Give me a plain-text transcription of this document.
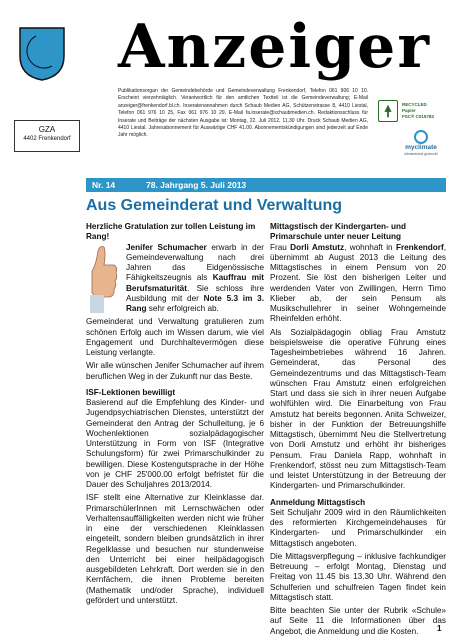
GZA
4402 Frenkendorf
Anzeiger
Publikationsorgan der Gemeindebehörde und Gemeindeverwaltung Frenkendorf, Telefon 061 906 10 10. Erscheint vierzehntäglich. Verantwortlich für den amtlichen Textteil ist die Gemeindeverwaltung; E-Mail anzeiger@frenkendorf.bl.ch. Inseratenannahmen durch Schaub Medien AG, Schützenstrasse 8, 4410 Liestal, Telefon 061 976 10 25, Fax 061 976 10 29, E-Mail fa.inserate@schaubmedien.ch. Redaktionsschluss für Inserate und Beiträge der nächsten Ausgabe ist: Montag, 22. Juli 2012, 11.30 Uhr. Druck Schaub Medien AG, 4410 Liestal. Jahresabonnement für Auswärtige CHF 41.00. Abonnementskündigungen sind jederzeit auf Ende Jahr möglich.
RECYCLED
Papier
FSC® C015783
myclimate
klimaneutral gedruckt
Nr. 14	78. Jahrgang 5. Juli 2013
Aus Gemeinderat und Verwaltung
Herzliche Gratulation zur tollen Leistung im Rang!

Jenifer Schumacher erwarb in der Gemeindeverwaltung nach drei Jahren das Eidgenössische Fähigkeitszeugnis als Kauffrau mit Berufsmaturität. Sie schloss ihre Ausbildung mit der Note 5.3 im 3. Rang sehr erfolgreich ab.

Gemeinderat und Verwaltung gratulieren zum schönen Erfolg auch im Wissen darum, wie viel Engagement und Durchhaltevermögen diese Leistung verlangte.

Wir alle wünschen Jenifer Schumacher auf ihrem beruflichen Weg in der Zukunft nur das Beste.

ISF-Lektionen bewilligt

Basierend auf die Empfehlung des Kinder- und Jugendpsychiatrischen Dienstes, unterstützt der Gemeinderat den Antrag der Schulleitung, je 6 Wochenlektionen sozialpädagogischer Unterstützung in Form von ISF (Integrative Schulungsform) für zwei Primarschulkinder zu bewilligen. Diese Kostengutsprache in der Höhe von je CHF 25'000.00 erfolgt befristet für die Dauer des Schuljahres 2013/2014.

ISF stellt eine Alternative zur Kleinklasse dar. PrimarschülerInnen mit Lernschwächen oder Verhaltensauffälligkeiten werden nicht wie früher in eine der verschiedenen Kleinklassen eingeteilt, sondern bleiben grundsätzlich in ihrer Regelklasse und besuchen nur stundenweise den Unterricht bei einer heilpädagogisch ausgebildeten Lehrkraft. Dort werden sie in den Kernfächern, die ihnen Probleme bereiten (Mathematik und/oder Sprache), individuell gefördert und unterstützt.

Mittagstisch der Kindergarten- und Primarschule unter neuer Leitung

Frau Dorli Amstutz, wohnhaft in Frenkendorf, übernimmt ab August 2013 die Leitung des Mittagstisches in einem Pensum von 20 Prozent. Sie löst den bisherigen Leiter und werdenden Vater von Zwillingen, Herrn Timo Klieber ab, der sein Pensum als Musikschullehrer in seiner Wohngemeinde Rheinfelden erhöht.

Als Sozialpädagogin obliag Frau Amstutz beispielsweise die operative Führung eines Tagesheimbetriebes während 16 Jahren. Gemeinderat, das Personal des Gemeindezentrums und das Mittagstisch-Team wünschen Frau Amstutz einen erfolgreichen Start und dass sie sich in ihrer neuen Aufgabe wohlfühlen wird. Die Einarbeitung von Frau Amstutz hat bereits begonnen. Anita Schweizer, bisher in der Funktion der Betreuungshilfe Mittagstisch, übernimmt Neu die Stellvertretung von Dorli Amstutz und erhöht ihr bisheriges Pensum. Frau Daniela Rapp, wohnhaft in Frenkendorf, stösst neu zum Mittagstisch-Team und leistet Unterstützung in der Betreuung der Kindergarten- und Primarschulkinder.

Anmeldung Mittagstisch

Seit Schuljahr 2009 wird in den Räumlichkeiten des reformierten Kirchgemeindehauses für Kindergarten- und Primarschulkinder ein Mittagstisch angeboten.

Die Mittagsverpflegung – inklusive fachkundiger Betreuung – erfolgt Montag, Dienstag und Freitag von 11.45 bis 13.30 Uhr. Während den Schulferien und schulfreien Tagen findet kein Mittagstisch statt.

Bitte beachten Sie unter der Rubrik «Schule» auf Seite 11 die Informationen über das Angebot, die Anmeldung und die Kosten.	1
